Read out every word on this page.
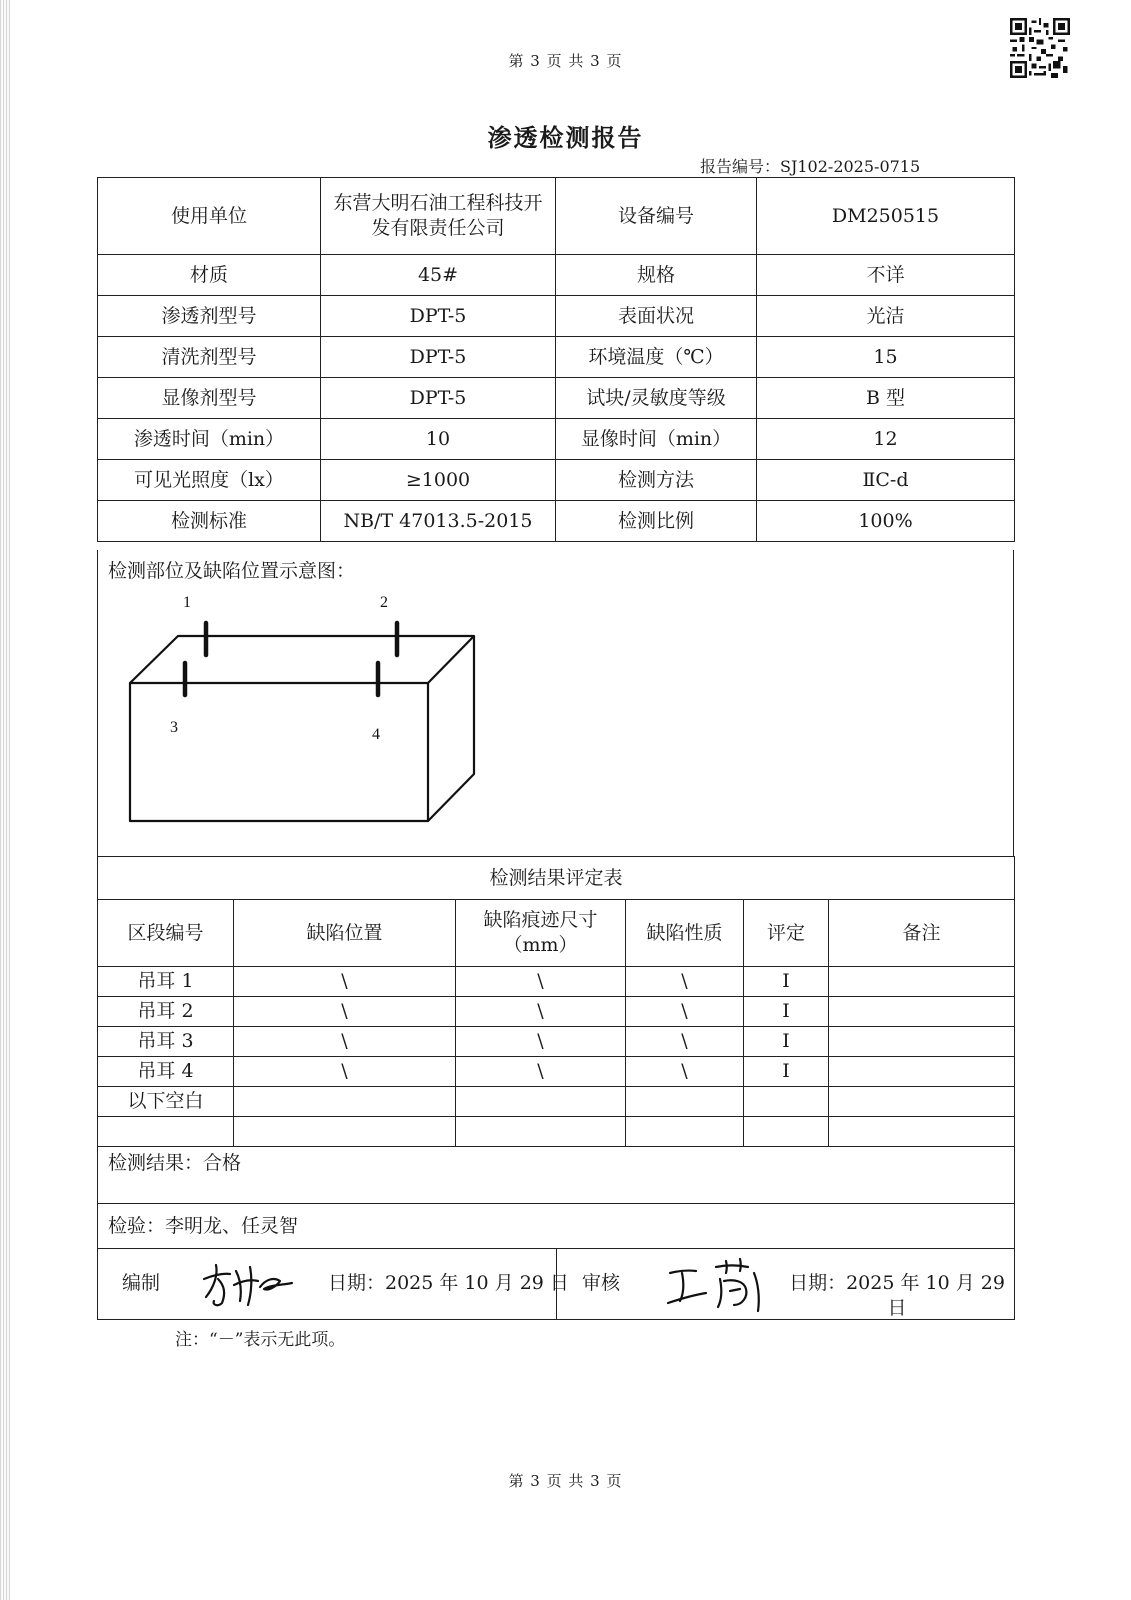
第 3 页 共 3 页
渗透检测报告
报告编号：SJ102-2025-0715
使用单位	东营大明石油工程科技开发有限责任公司	设备编号	DM250515
材质	45#	规格	不详
渗透剂型号	DPT-5	表面状况	光洁
清洗剂型号	DPT-5	环境温度（℃）	15
显像剂型号	DPT-5	试块/灵敏度等级	B 型
渗透时间（min）	10	显像时间（min）	12
可见光照度（lx）	≥1000	检测方法	ⅡC-d
检测标准	NB/T 47013.5-2015	检测比例	100%
检测部位及缺陷位置示意图：
1	2
3	4
检测结果评定表					
区段编号	缺陷位置	缺陷痕迹尺寸（mm）	缺陷性质	评定	备注
吊耳 1	\	\	\	I	
吊耳 2	\	\	\	I	
吊耳 3	\	\	\	I	
吊耳 4	\	\	\	I	
以下空白					

检测结果：合格					
检验：李明龙、任灵智					

编制 日期：2025 年 10 月 29 日 审核 日期：2025 年 10 月 29 日					
注：“－”表示无此项。
第 3 页 共 3 页
